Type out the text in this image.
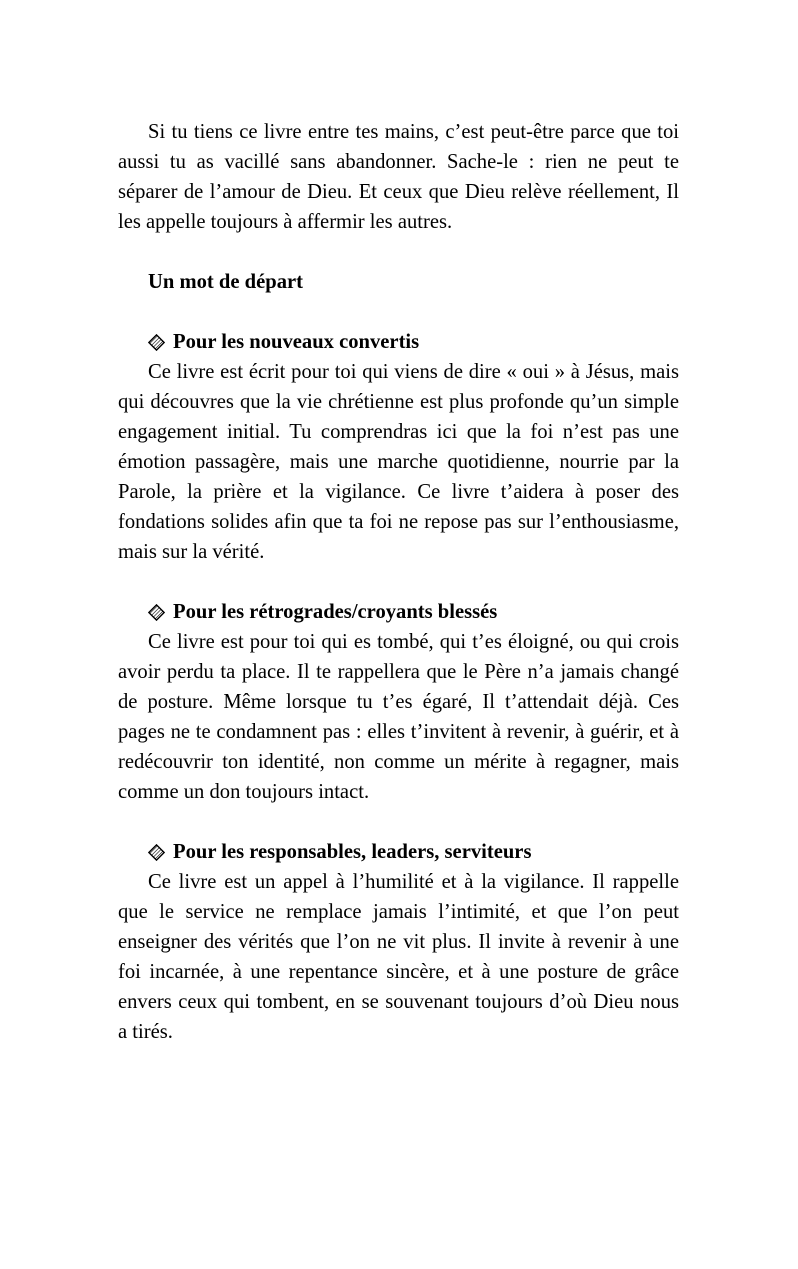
Si tu tiens ce livre entre tes mains, c’est peut-être parce que toi aussi tu as vacillé sans abandonner. Sache-le : rien ne peut te séparer de l’amour de Dieu. Et ceux que Dieu relève réellement, Il les appelle toujours à affermir les autres.

Un mot de départ

Pour les nouveaux convertis

Ce livre est écrit pour toi qui viens de dire « oui » à Jésus, mais qui découvres que la vie chrétienne est plus profonde qu’un simple engagement initial. Tu comprendras ici que la foi n’est pas une émotion passagère, mais une marche quotidienne, nourrie par la Parole, la prière et la vigilance. Ce livre t’aidera à poser des fondations solides afin que ta foi ne repose pas sur l’enthousiasme, mais sur la vérité.

Pour les rétrogrades/croyants blessés

Ce livre est pour toi qui es tombé, qui t’es éloigné, ou qui crois avoir perdu ta place. Il te rappellera que le Père n’a jamais changé de posture. Même lorsque tu t’es égaré, Il t’attendait déjà. Ces pages ne te condamnent pas : elles t’invitent à revenir, à guérir, et à redécouvrir ton identité, non comme un mérite à regagner, mais comme un don toujours intact.

Pour les responsables, leaders, serviteurs

Ce livre est un appel à l’humilité et à la vigilance. Il rappelle que le service ne remplace jamais l’intimité, et que l’on peut enseigner des vérités que l’on ne vit plus. Il invite à revenir à une foi incarnée, à une repentance sincère, et à une posture de grâce envers ceux qui tombent, en se souvenant toujours d’où Dieu nous a tirés.
